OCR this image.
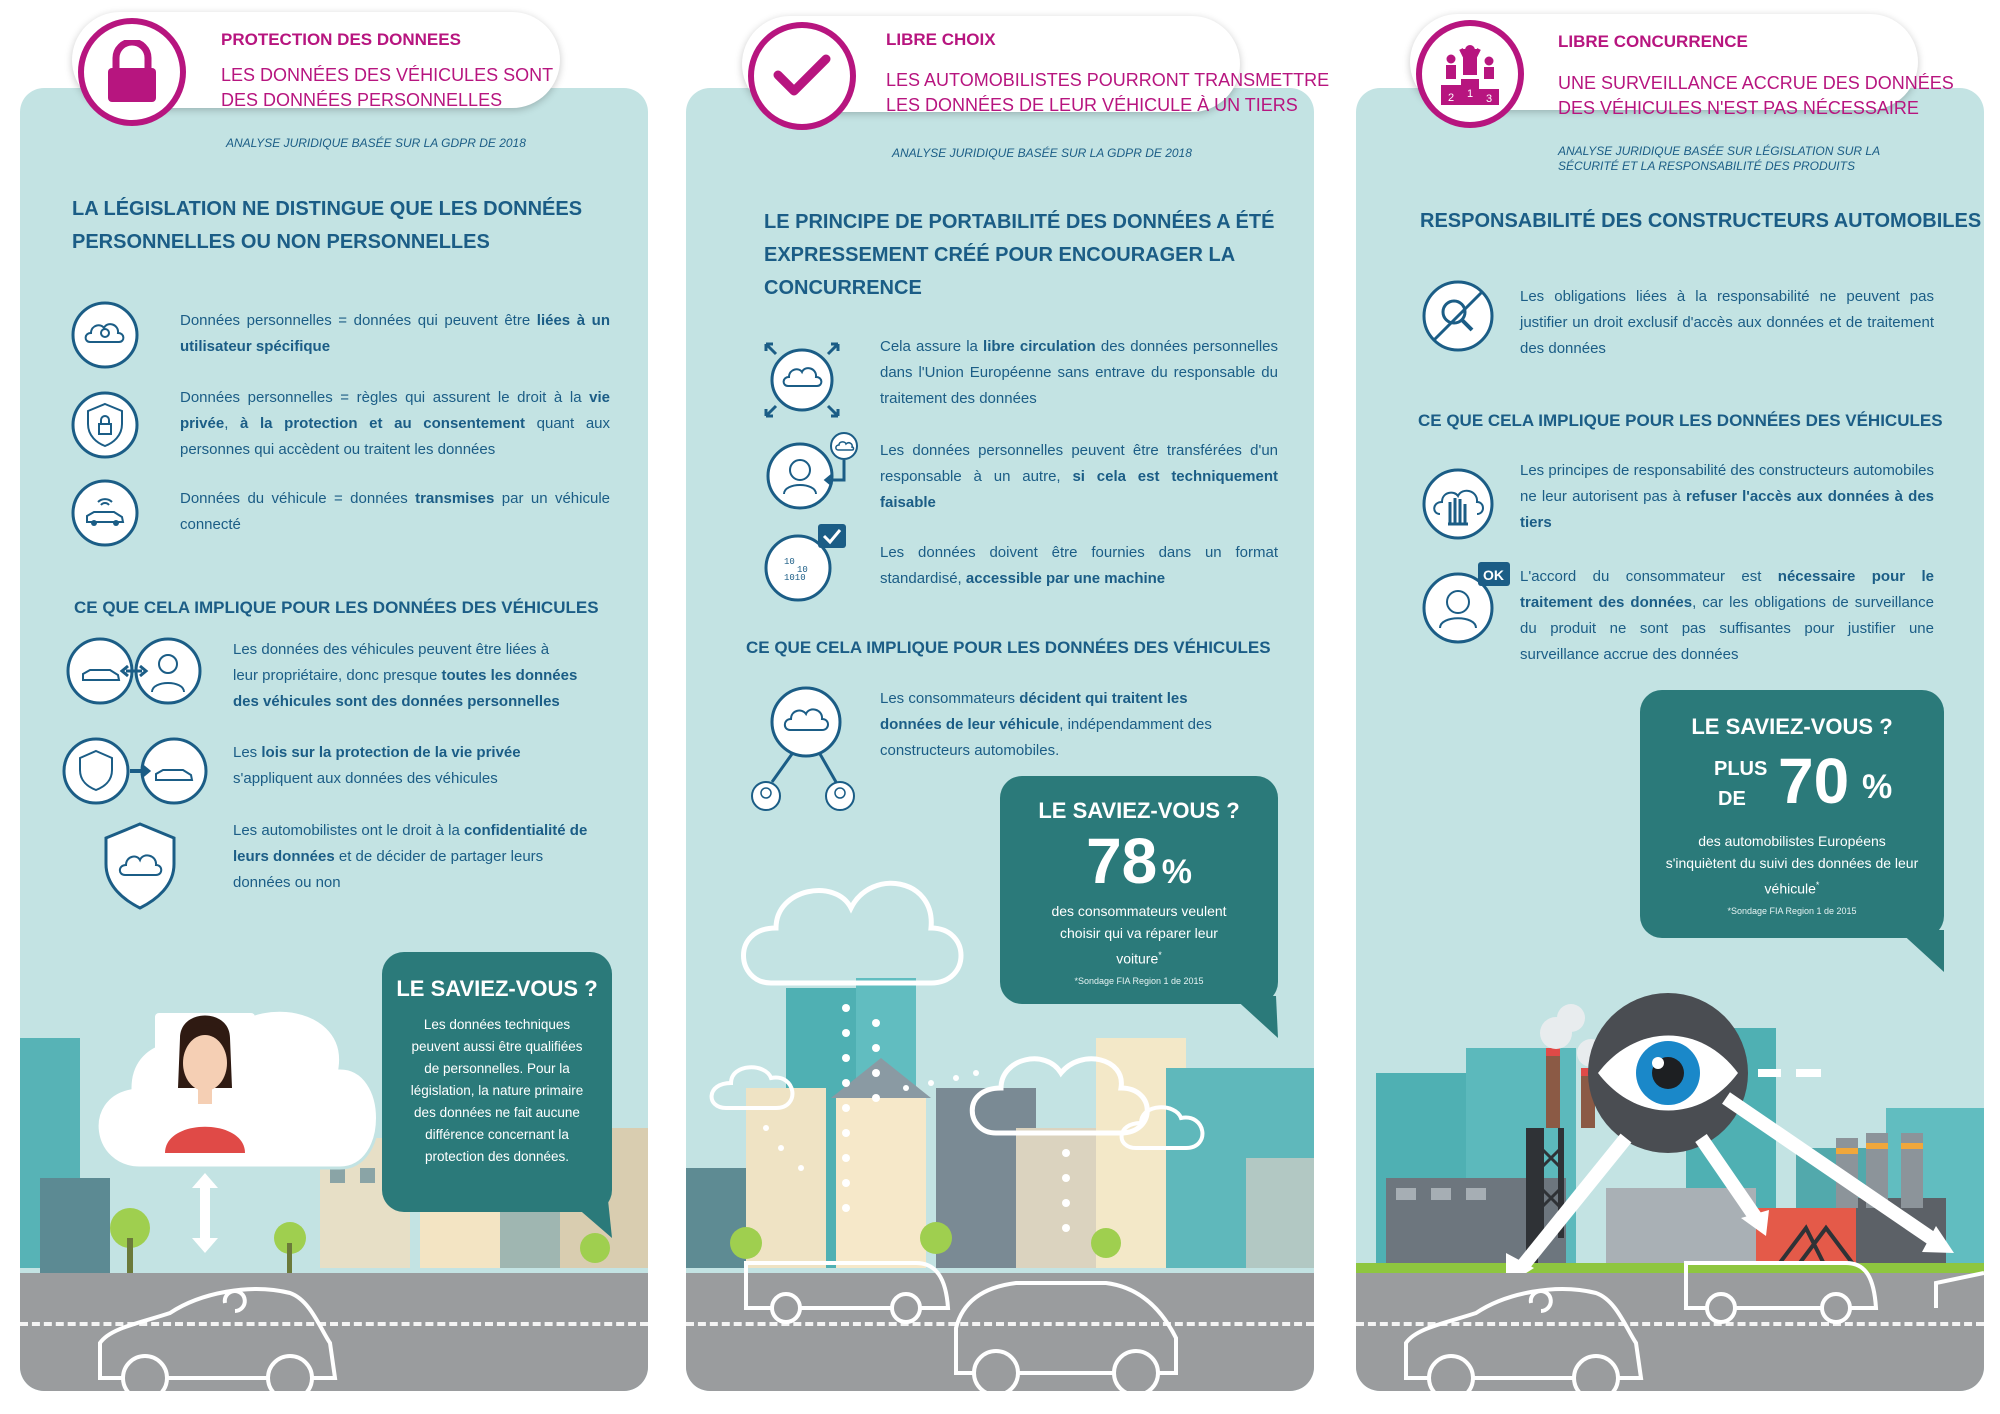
PROTECTION DES DONNEES
LES DONNÉES DES VÉHICULES SONT
DES DONNÉES PERSONNELLES
ANALYSE JURIDIQUE BASÉE SUR LA GDPR DE 2018
LA LÉGISLATION NE DISTINGUE QUE LES DONNÉES
PERSONNELLES OU NON PERSONNELLES
Données personnelles = données qui peuvent être liées à un utilisateur spécifique
Données personnelles = règles qui assurent le droit à la vie privée, à la protection et au consentement quant aux personnes qui accèdent ou traitent les données
Données du véhicule = données transmises par un véhicule connecté
CE QUE CELA IMPLIQUE POUR LES DONNÉES DES VÉHICULES
Les données des véhicules peuvent être liées à leur propriétaire, donc presque toutes les données des véhicules sont des données personnelles
Les lois sur la protection de la vie privée s'appliquent aux données des véhicules
Les automobilistes ont le droit à la confidentialité de leurs données et de décider de partager leurs données ou non
LE SAVIEZ-VOUS ?
Les données techniques peuvent aussi être qualifiées de personnelles. Pour la législation, la nature primaire des données ne fait aucune différence concernant la protection des données.
LIBRE CHOIX
LES AUTOMOBILISTES POURRONT TRANSMETTRE
LES DONNÉES DE LEUR VÉHICULE À UN TIERS
ANALYSE JURIDIQUE BASÉE SUR LA GDPR DE 2018
LE PRINCIPE DE PORTABILITÉ DES DONNÉES A ÉTÉ
EXPRESSEMENT CRÉÉ POUR ENCOURAGER LA
CONCURRENCE
10
10
1010
Cela assure la libre circulation des données personnelles dans l'Union Européenne sans entrave du responsable du traitement des données
Les données personnelles peuvent être transférées d'un responsable à un autre, si cela est techniquement faisable
Les données doivent être fournies dans un format standardisé, accessible par une machine
CE QUE CELA IMPLIQUE POUR LES DONNÉES DES VÉHICULES
Les consommateurs décident qui traitent les données de leur véhicule, indépendamment des constructeurs automobiles.
LE SAVIEZ-VOUS ?
78 %
des consommateurs veulent choisir qui va réparer leur voiture*
*Sondage FIA Region 1 de 2015
2 1 3
LIBRE CONCURRENCE
UNE SURVEILLANCE ACCRUE DES DONNÉES
DES VÉHICULES N'EST PAS NÉCESSAIRE
ANALYSE JURIDIQUE BASÉE SUR LÉGISLATION SUR LA
SÉCURITÉ ET LA RESPONSABILITÉ DES PRODUITS
RESPONSABILITÉ DES CONSTRUCTEURS AUTOMOBILES
Les obligations liées à la responsabilité ne peuvent pas justifier un droit exclusif d'accès aux données et de traitement des données
CE QUE CELA IMPLIQUE POUR LES DONNÉES DES VÉHICULES
OK
Les principes de responsabilité des constructeurs automobiles ne leur autorisent pas à refuser l'accès aux données à des tiers
L'accord du consommateur est nécessaire pour le traitement des données, car les obligations de surveillance du produit ne sont pas suffisantes pour justifier une surveillance accrue des données
LE SAVIEZ-VOUS ?
PLUS
DE 70 %
des automobilistes Européens s'inquiètent du suivi des données de leur véhicule*
*Sondage FIA Region 1 de 2015
